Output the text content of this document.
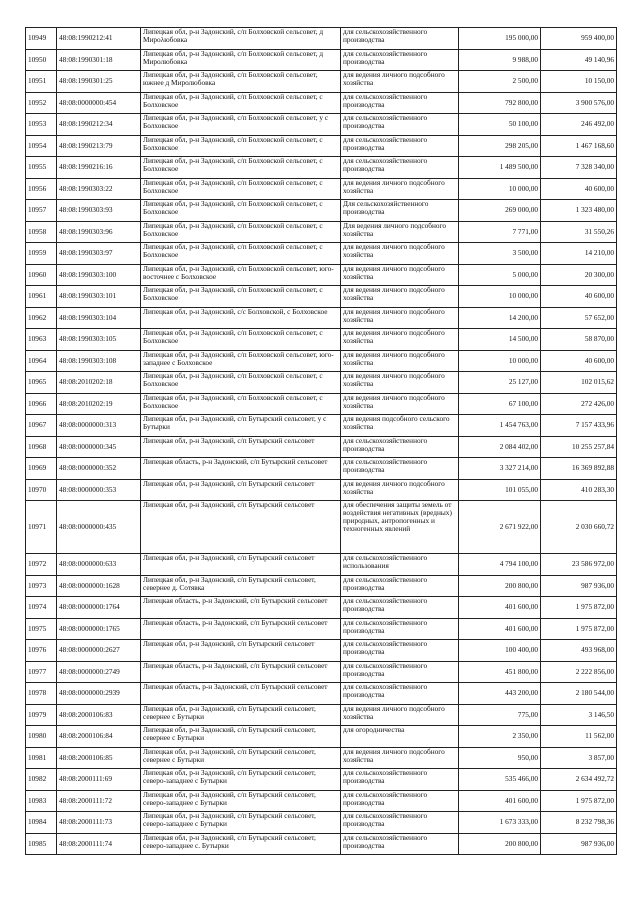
10949	48:08:1990212:41	Липецкая обл, р-н Задонский, с/п Болховской сельсовет, д Мирολюбовка	для сельскохозяйственного производства	195 000,00	959 400,00
10950	48:08:1990301:18	Липецкая обл, р-н Задонский, с/п Болховской сельсовет, д Миролюбовка	для сельскохозяйственного производства	9 988,00	49 140,96
10951	48:08:1990301:25	Липецкая обл, р-н Задонский, с/п Болховской сельсовет, южнее д Миролюбовка	для ведения личного подсобного хозяйства	2 500,00	10 150,00
10952	48:08:0000000:454	Липецкая обл, р-н Задонский, с/п Болховской сельсовет, с Болховское	для сельскохозяйственного производства	792 800,00	3 900 576,00
10953	48:08:1990212:34	Липецкая обл, р-н Задонский, с/п Болховской сельсовет, у с Болховское	для сельскохозяйственного производства	50 100,00	246 492,00
10954	48:08:1990213:79	Липецкая обл, р-н Задонский, с/п Болховской сельсовет, с Болховское	для сельскохозяйственного производства	298 205,00	1 467 168,60
10955	48:08:1990216:16	Липецкая обл, р-н Задонский, с/п Болховской сельсовет, с Болховское	для сельскохозяйственного производства	1 489 500,00	7 328 340,00
10956	48:08:1990303:22	Липецкая обл, р-н Задонский, с/п Болховской сельсовет, с Болховское	для ведения личного подсобного хозяйства	10 000,00	40 600,00
10957	48:08:1990303:93	Липецкая обл, р-н Задонский, с/п Болховской сельсовет, с Болховское	Для сельскохозяйственного производства	269 000,00	1 323 480,00
10958	48:08:1990303:96	Липецкая обл, р-н Задонский, с/п Болховской сельсовет, с Болховское	Для ведения личного подсобного хозяйства	7 771,00	31 550,26
10959	48:08:1990303:97	Липецкая обл, р-н Задонский, с/п Болховской сельсовет, с Болховское	для ведения личного подсобного хозяйства	3 500,00	14 210,00
10960	48:08:1990303:100	Липецкая обл, р-н Задонский, с/п Болховской сельсовет, юго- восточнее с Болховское	для ведения личного подсобного хозяйства	5 000,00	20 300,00
10961	48:08:1990303:101	Липецкая обл, р-н Задонский, с/п Болховской сельсовет, с Болховское	для ведения личного подсобного хозяйства	10 000,00	40 600,00
10962	48:08:1990303:104	Липецкая обл, р-н Задонский, с/с Болховской, с Болховское	для ведения личного подсобного хозяйства	14 200,00	57 652,00
10963	48:08:1990303:105	Липецкая обл, р-н Задонский, с/п Болховской сельсовет, с Болховское	для ведения личного подсобного хозяйства	14 500,00	58 870,00
10964	48:08:1990303:108	Липецкая обл, р-н Задонский, с/п Болховской сельсовет, юго-западнее с Болховское	для ведения личного подсобного хозяйства	10 000,00	40 600,00
10965	48:08:2010202:18	Липецкая обл, р-н Задонский, с/п Болховской сельсовет, с Болховское	для ведения личного подсобного хозяйства	25 127,00	102 015,62
10966	48:08:2010202:19	Липецкая обл, р-н Задонский, с/п Болховской сельсовет, с Болховское	для ведения личного подсобного хозяйства	67 100,00	272 426,00
10967	48:08:0000000:313	Липецкая обл, р-н Задонский, с/п Бутырский сельсовет, у с Бутырки	для ведения подсобного сельского хозяйства	1 454 763,00	7 157 433,96
10968	48:08:0000000:345	Липецкая обл, р-н Задонский, с/п Бутырский сельсовет	для сельскохозяйственного производства	2 084 402,00	10 255 257,84
10969	48:08:0000000:352	Липецкая область, р-н Задонский, с/п Бутырский сельсовет	для сельскохозяйственного производства	3 327 214,00	16 369 892,88
10970	48:08:0000000:353	Липецкая обл, р-н Задонский, с/п Бутырский сельсовет	для ведения личного подсобного хозяйства	101 055,00	410 283,30
10971	48:08:0000000:435	Липецкая обл, р-н Задонский, с/п Бутырский сельсовет	для обеспечения защиты земель от воздействия негативных (вредных) природных, антропогенных и техногенных явлений	2 671 922,00	2 030 660,72
10972	48:08:0000000:633	Липецкая обл, р-н Задонский, с/п Бутырский сельсовет	для сельскохозяйственного использования	4 794 100,00	23 586 972,00
10973	48:08:0000000:1628	Липецкая обл, р-н Задонский, с/п Бутырский сельсовет, севернее д. Сотявка	для сельскохозяйственного производства	200 800,00	987 936,00
10974	48:08:0000000:1764	Липецкая область, р-н Задонский, с/п Бутырский сельсовет	для сельскохозяйственного производства	401 600,00	1 975 872,00
10975	48:08:0000000:1765	Липецкая область, р-н Задонский, с/п Бутырский сельсовет	для сельскохозяйственного производства	401 600,00	1 975 872,00
10976	48:08:0000000:2627	Липецкая обл, р-н Задонский, с/п Бутырский сельсовет	для сельскохозяйственного производства	100 400,00	493 968,00
10977	48:08:0000000:2749	Липецкая область, р-н Задонский, с/п Бутырский сельсовет	для сельскохозяйственного производства	451 800,00	2 222 856,00
10978	48:08:0000000:2939	Липецкая область, р-н Задонский, с/п Бутырский сельсовет	для сельскохозяйственного производства	443 200,00	2 180 544,00
10979	48:08:2000106:83	Липецкая обл, р-н Задонский, с/п Бутырский сельсовет, севернее с Бутырки	для ведения личного подсобного хозяйства	775,00	3 146,50
10980	48:08:2000106:84	Липецкая обл, р-н Задонский, с/п Бутырский сельсовет, севернее с Бутырки	для огородничества	2 350,00	11 562,00
10981	48:08:2000106:85	Липецкая обл, р-н Задонский, с/п Бутырский сельсовет, севернее с Бутырки	для ведения личного подсобного хозяйства	950,00	3 857,00
10982	48:08:2000111:69	Липецкая обл, р-н Задонский, с/п Бутырский сельсовет, северо-западнее с Бутырки	для сельскохозяйственного производства	535 466,00	2 634 492,72
10983	48:08:2000111:72	Липецкая обл, р-н Задонский, с/п Бутырский сельсовет, северо-западнее с Бутырки	для сельскохозяйственного производства	401 600,00	1 975 872,00
10984	48:08:2000111:73	Липецкая обл, р-н Задонский, с/п Бутырский сельсовет, северо-западнее с Бутырки	для сельскохозяйственного производства	1 673 333,00	8 232 798,36
10985	48:08:2000111:74	Липецкая обл, р-н Задонский, с/п Бутырский сельсовет, северо-западнее с. Бутырки	для сельскохозяйственного производства	200 800,00	987 936,00
